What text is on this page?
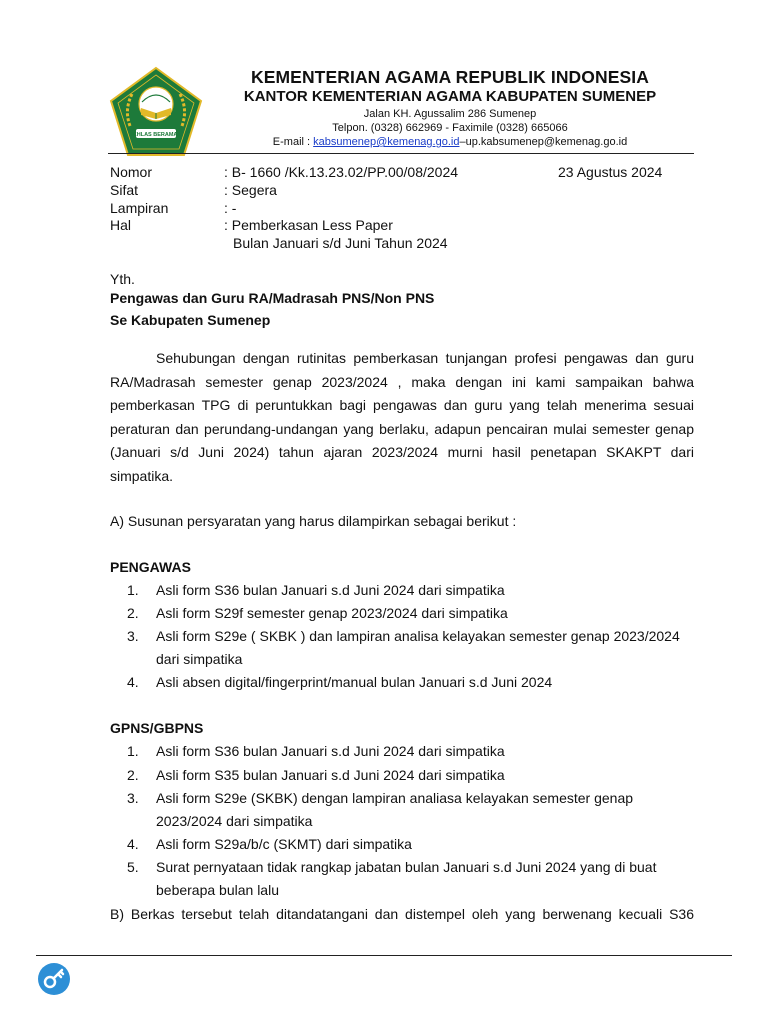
IKHLAS BERAMAL
KEMENTERIAN AGAMA REPUBLIK INDONESIA
KANTOR KEMENTERIAN AGAMA KABUPATEN SUMENEP
Jalan KH. Agussalim 286 Sumenep
Telpon. (0328) 662969 - Faximile (0328) 665066
E-mail : kabsumenep@kemenag.go.id–up.kabsumenep@kemenag.go.id
Nomor	: B- 1660 /Kk.13.23.02/PP.00/08/2024	23 Agustus 2024
Sifat	: Segera
Lampiran	: -
Hal	: Pemberkasan Less Paper
Bulan Januari s/d Juni Tahun 2024
Yth.
Pengawas dan Guru RA/Madrasah PNS/Non PNS
Se Kabupaten Sumenep
Sehubungan dengan rutinitas pemberkasan tunjangan profesi pengawas dan guru RA/Madrasah semester genap 2023/2024 , maka dengan ini kami sampaikan bahwa pemberkasan TPG di peruntukkan bagi pengawas dan guru yang telah menerima sesuai peraturan dan perundang-undangan yang berlaku, adapun pencairan mulai semester genap (Januari s/d Juni 2024) tahun ajaran 2023/2024 murni hasil penetapan SKAKPT dari simpatika.
A) Susunan persyaratan yang harus dilampirkan sebagai berikut :
PENGAWAS
1.	Asli form S36 bulan Januari s.d Juni 2024 dari simpatika
2.	Asli form S29f semester genap 2023/2024 dari simpatika
3.	Asli form S29e ( SKBK ) dan lampiran analisa kelayakan semester genap 2023/2024 dari simpatika
4.	Asli absen digital/fingerprint/manual bulan Januari s.d Juni 2024
GPNS/GBPNS
1.	Asli form S36 bulan Januari s.d Juni 2024 dari simpatika
2.	Asli form S35 bulan Januari s.d Juni 2024 dari simpatika
3.	Asli form S29e (SKBK) dengan lampiran analiasa kelayakan semester genap 2023/2024 dari simpatika
4.	Asli form S29a/b/c (SKMT) dari simpatika
5.	Surat pernyataan tidak rangkap jabatan bulan Januari s.d Juni 2024 yang di buat beberapa bulan lalu
B) Berkas tersebut telah ditandatangani dan distempel oleh yang berwenang kecuali S36
